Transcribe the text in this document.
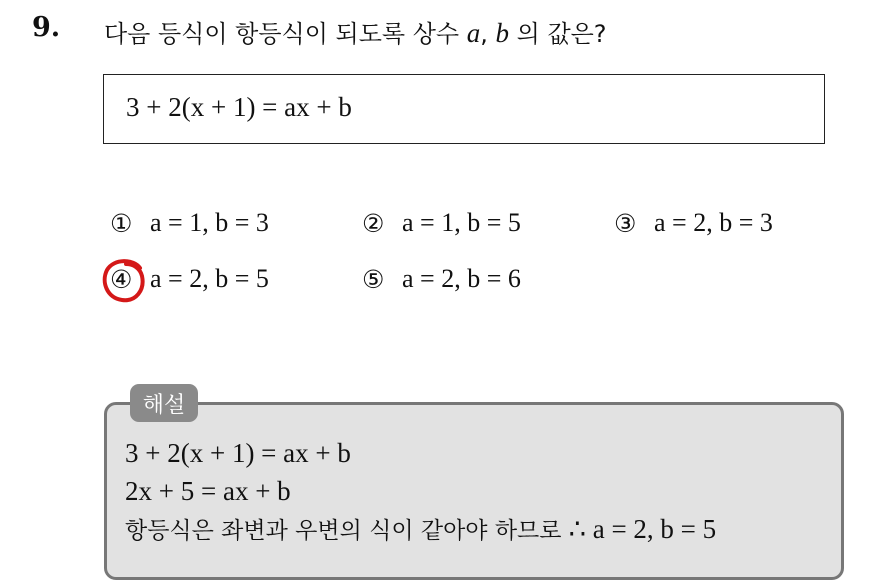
9. 다음 등식이 항등식이 되도록 상수 a, b 의 값은?
3 + 2(x + 1) = ax + b
① a = 1, b = 3	② a = 1, b = 5	③ a = 2, b = 3
④ a = 2, b = 5	⑤ a = 2, b = 6
해설
3 + 2(x + 1) = ax + b
2x + 5 = ax + b
항등식은 좌변과 우변의 식이 같아야 하므로 ∴ a = 2, b = 5
